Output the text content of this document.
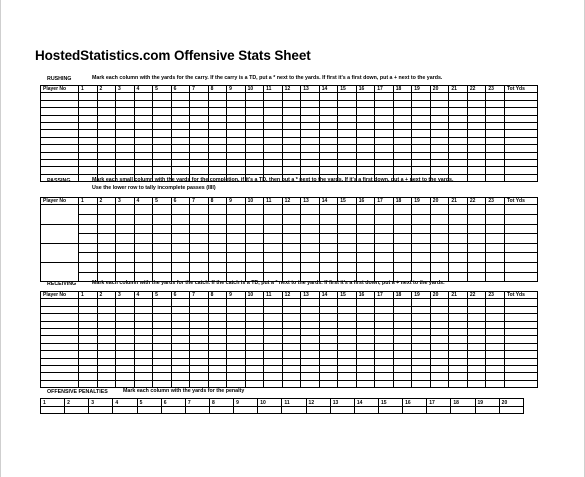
HostedStatistics.com Offensive Stats Sheet
RUSHING	Mark each column with the yards for the carry. If the carry is a TD, put a * next to the yards. If first it's a first down, put a + next to the yards.
Player No	1	2	3	4	5	6	7	8	9	10	11	12	13	14	15	16	17	18	19	20	21	22	23	Tot Yds

PASSING	Mark each small column with the yards for the completion, if it's a TD, then put a * next to the yards. If it's a first down, put a + next to the yards.
Use the lower row to tally incomplete passes (IIII)
Player No	1	2	3	4	5	6	7	8	9	10	11	12	13	14	15	16	17	18	19	20	21	22	23	Tot Yds

RECEIVING	Mark each column with the yards for the catch. If the catch is a TD, put a * next to the yards. If first it's a first down, put a + next to the yards.
Player No	1	2	3	4	5	6	7	8	9	10	11	12	13	14	15	16	17	18	19	20	21	22	23	Tot Yds

OFFENSIVE PENALTIES	Mark each column with the yards for the penalty
1	2	3	4	5	6	7	8	9	10	11	12	13	14	15	16	17	18	19	20
